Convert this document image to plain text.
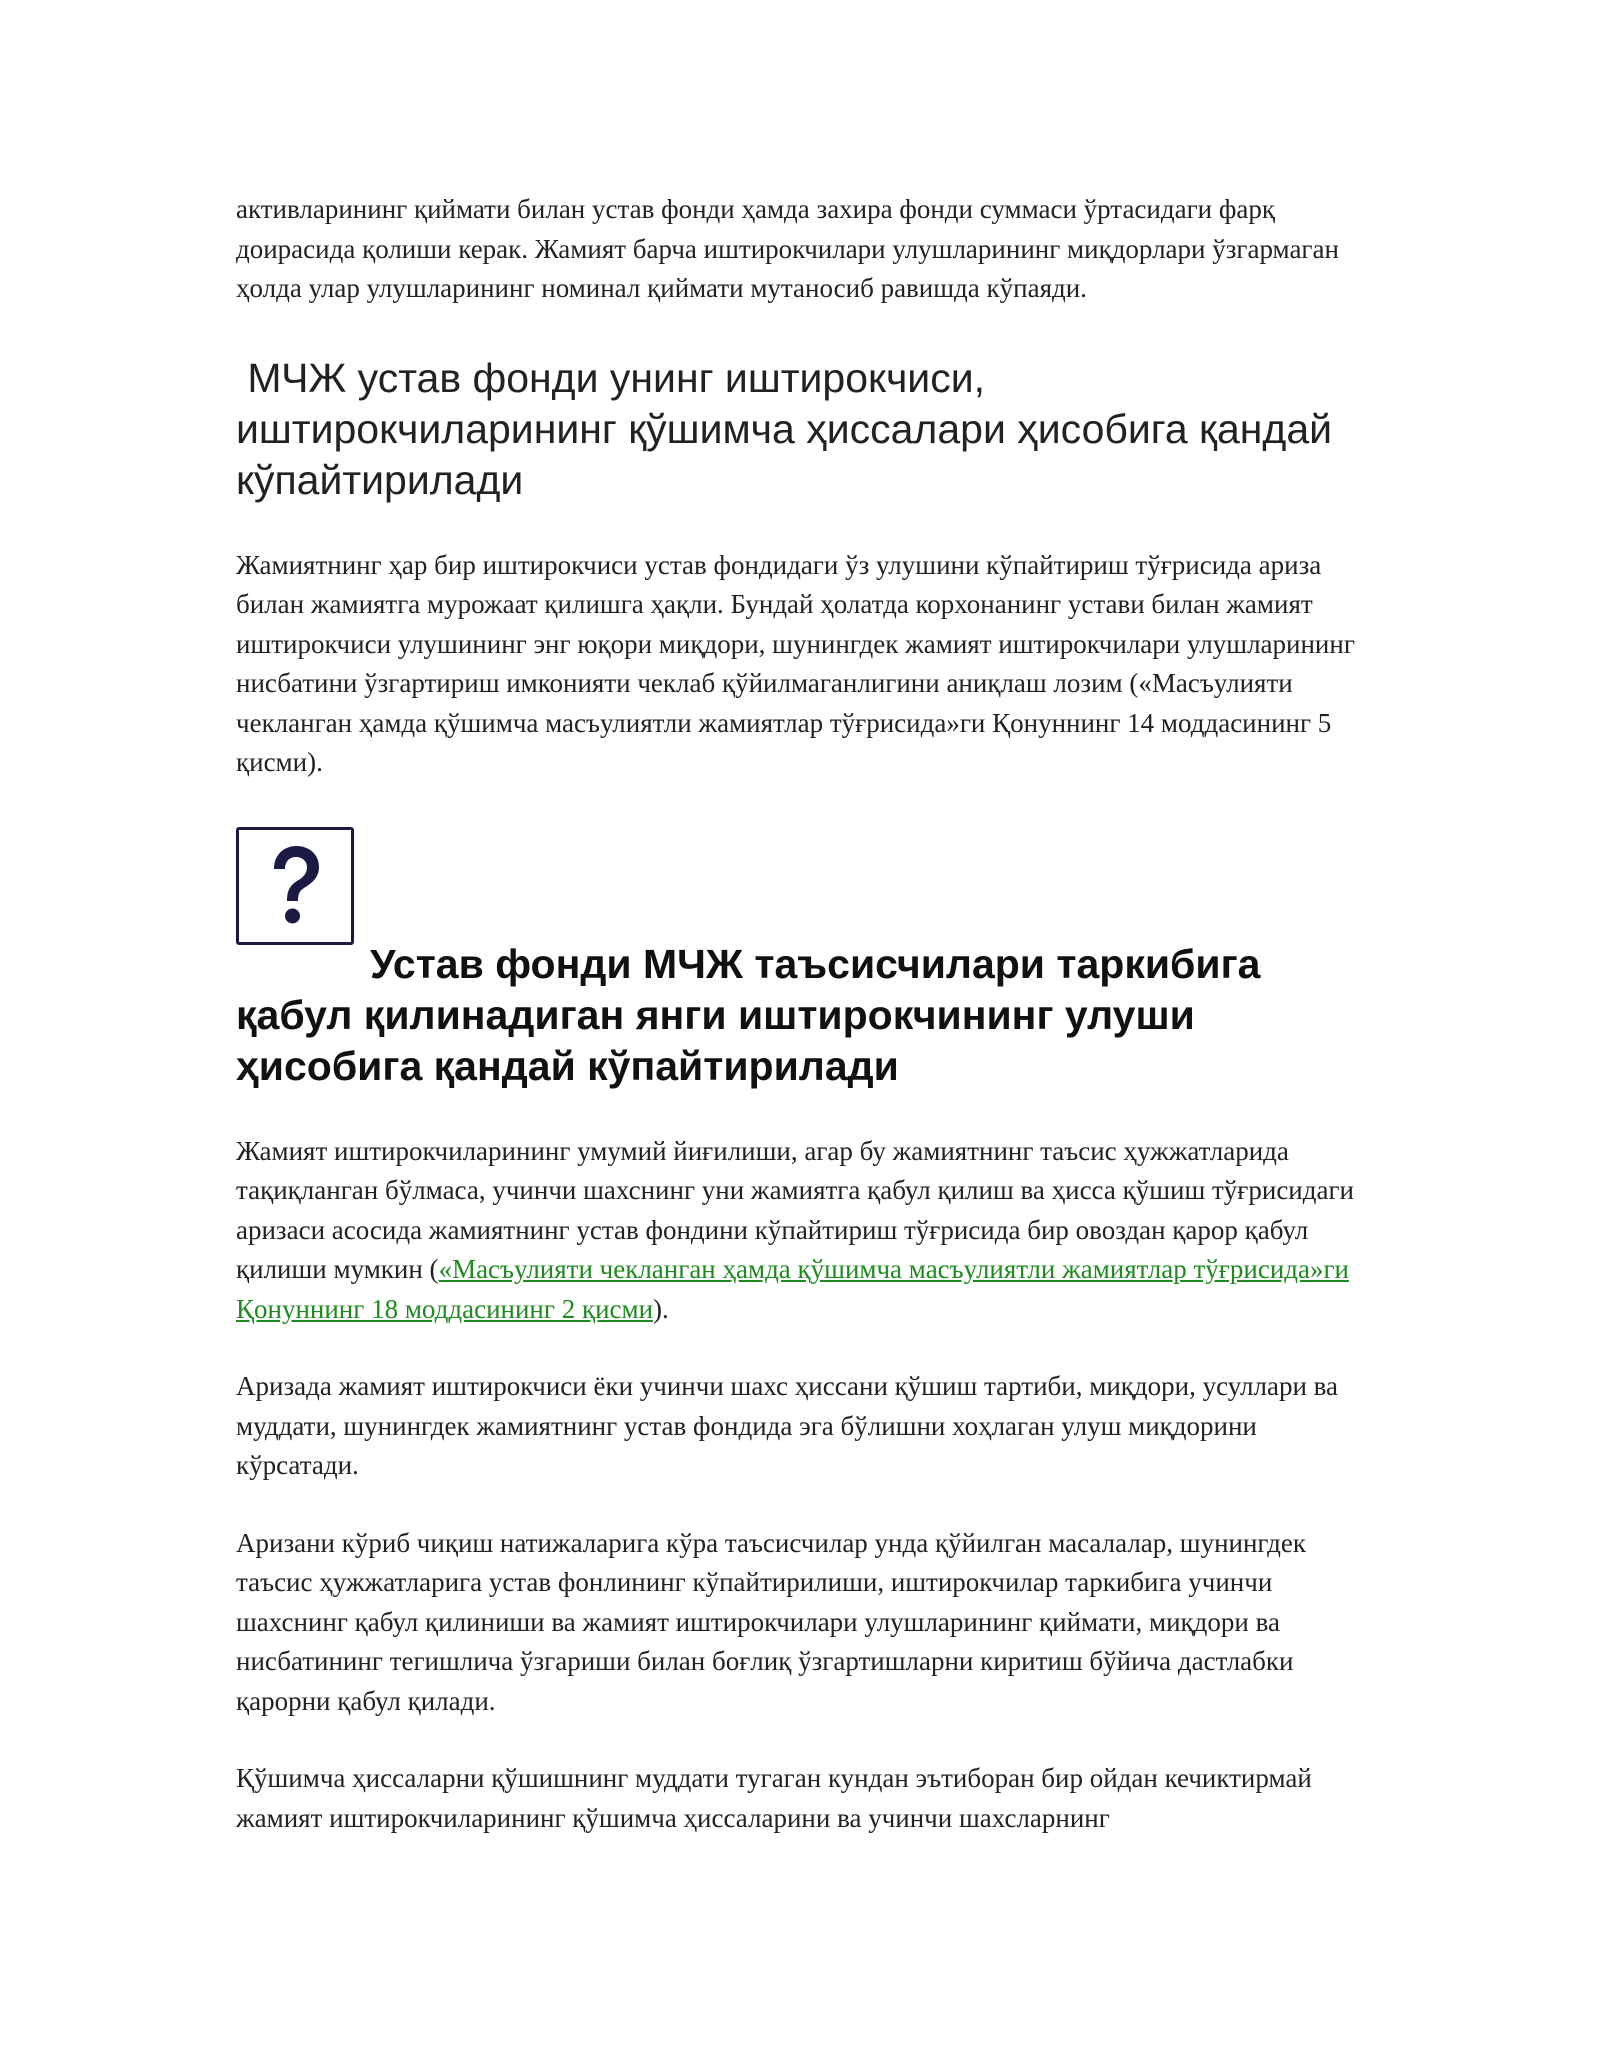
активларининг қиймати билан устав фонди ҳамда захира фонди суммаси ўртасидаги фарқ доирасида қолиши керак. Жамият барча иштирокчилари улушларининг миқдорлари ўзгармаган ҳолда улар улушларининг номинал қиймати мутаносиб равишда кўпаяди.

МЧЖ устав фонди унинг иштирокчиси, иштирокчиларининг қўшимча ҳиссалари ҳисобига қандай кўпайтирилади

Жамиятнинг ҳар бир иштирокчиси устав фондидаги ўз улушини кўпайтириш тўғрисида ариза билан жамиятга мурожаат қилишга ҳақли. Бундай ҳолатда корхонанинг устави билан жамият иштирокчиси улушининг энг юқори миқдори, шунингдек жамият иштирокчилари улушларининг нисбатини ўзгартириш имконияти чеклаб қўйилмаганлигини аниқлаш лозим («Масъулияти чекланган ҳамда қўшимча масъулиятли жамиятлар тўғрисида»ги Қонуннинг 14 моддасининг 5 қисми).

Устав фонди МЧЖ таъсисчилари таркибига қабул қилинадиган янги иштирокчининг улуши ҳисобига қандай кўпайтирилади

Жамият иштирокчиларининг умумий йиғилиши, агар бу жамиятнинг таъсис ҳужжатларида тақиқланган бўлмаса, учинчи шахснинг уни жамиятга қабул қилиш ва ҳисса қўшиш тўғрисидаги аризаси асосида жамиятнинг устав фондини кўпайтириш тўғрисида бир овоздан қарор қабул қилиши мумкин («Масъулияти чекланган ҳамда қўшимча масъулиятли жамиятлар тўғрисида»ги Қонуннинг 18 моддасининг 2 қисми).

Аризада жамият иштирокчиси ёки учинчи шахс ҳиссани қўшиш тартиби, миқдори, усуллари ва муддати, шунингдек жамиятнинг устав фондида эга бўлишни хоҳлаган улуш миқдорини кўрсатади.

Аризани кўриб чиқиш натижаларига кўра таъсисчилар унда қўйилган масалалар, шунингдек таъсис ҳужжатларига устав фонлининг кўпайтирилиши, иштирокчилар таркибига учинчи шахснинг қабул қилиниши ва жамият иштирокчилари улушларининг қиймати, миқдори ва нисбатининг тегишлича ўзгариши билан боғлиқ ўзгартишларни киритиш бўйича дастлабки қарорни қабул қилади.

Қўшимча ҳиссаларни қўшишнинг муддати тугаган кундан эътиборан бир ойдан кечиктирмай жамият иштирокчиларининг қўшимча ҳиссаларини ва учинчи шахсларнинг
